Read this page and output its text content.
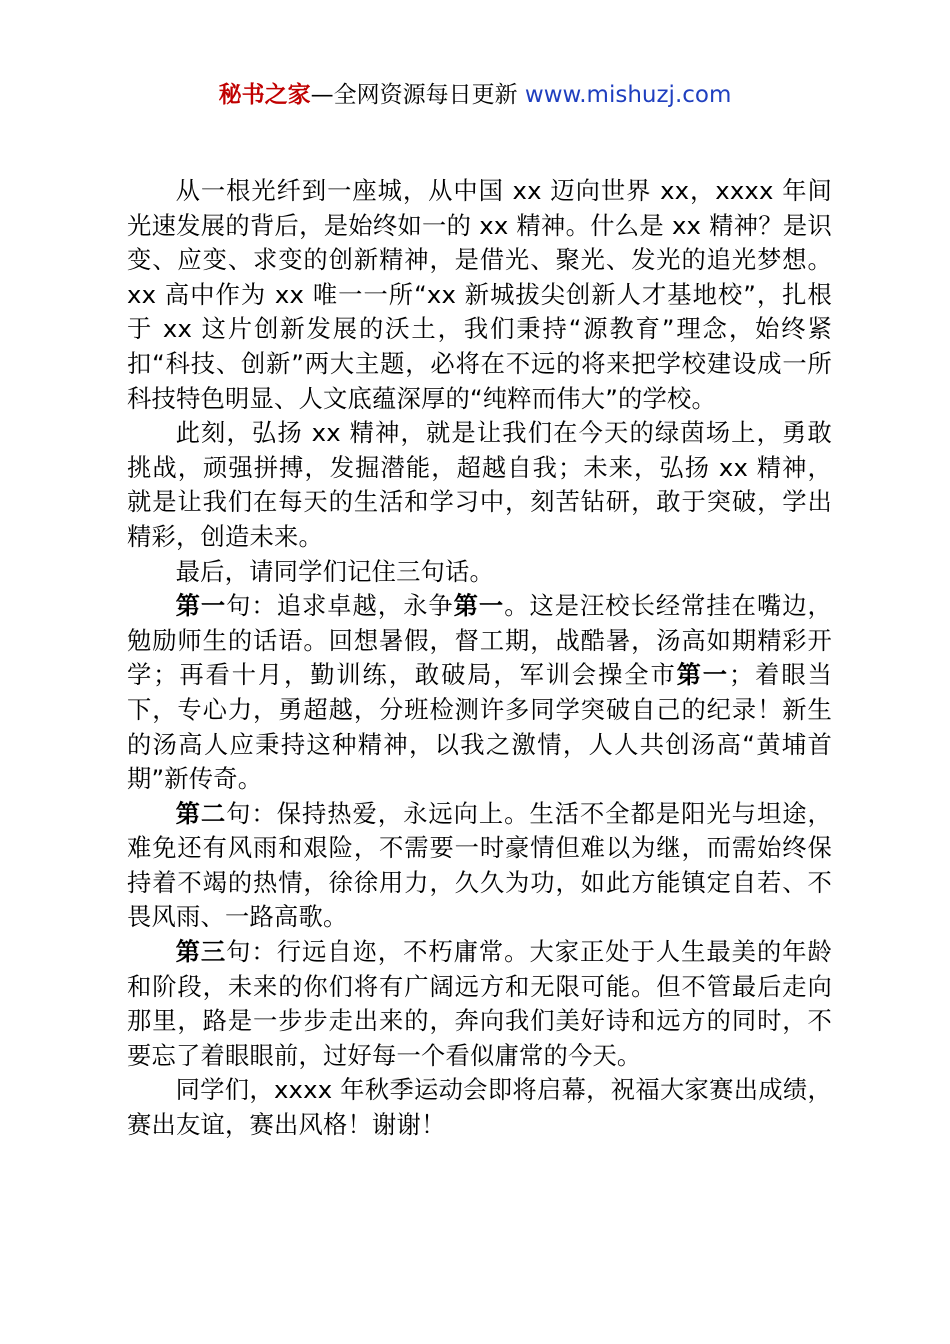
秘书之家—全网资源每日更新 www.mishuzj.com

从一根光纤到一座城，从中国 xx 迈向世界 xx，xxxx 年间光速发展的背后，是始终如一的 xx 精神。什么是 xx 精神？是识变、应变、求变的创新精神，是借光、聚光、发光的追光梦想。xx 高中作为 xx 唯一一所“xx 新城拔尖创新人才基地校”，扎根于 xx 这片创新发展的沃土，我们秉持“源教育”理念，始终紧扣“科技、创新”两大主题，必将在不远的将来把学校建设成一所科技特色明显、人文底蕴深厚的“纯粹而伟大”的学校。

此刻，弘扬 xx 精神，就是让我们在今天的绿茵场上，勇敢挑战，顽强拼搏，发掘潜能，超越自我；未来，弘扬 xx 精神，就是让我们在每天的生活和学习中，刻苦钻研，敢于突破，学出精彩，创造未来。

最后，请同学们记住三句话。

第一句：追求卓越，永争第一。这是汪校长经常挂在嘴边，勉励师生的话语。回想暑假，督工期，战酷暑，汤高如期精彩开学；再看十月，勤训练，敢破局，军训会操全市第一；着眼当下，专心力，勇超越，分班检测许多同学突破自己的纪录！新生的汤高人应秉持这种精神，以我之激情，人人共创汤高“黄埔首期”新传奇。

第二句：保持热爱，永远向上。生活不全都是阳光与坦途，难免还有风雨和艰险，不需要一时豪情但难以为继，而需始终保持着不竭的热情，徐徐用力，久久为功，如此方能镇定自若、不畏风雨、一路高歌。

第三句：行远自迩，不朽庸常。大家正处于人生最美的年龄和阶段，未来的你们将有广阔远方和无限可能。但不管最后走向那里，路是一步步走出来的，奔向我们美好诗和远方的同时，不要忘了着眼眼前，过好每一个看似庸常的今天。

同学们，xxxx 年秋季运动会即将启幕，祝福大家赛出成绩，赛出友谊，赛出风格！谢谢！
